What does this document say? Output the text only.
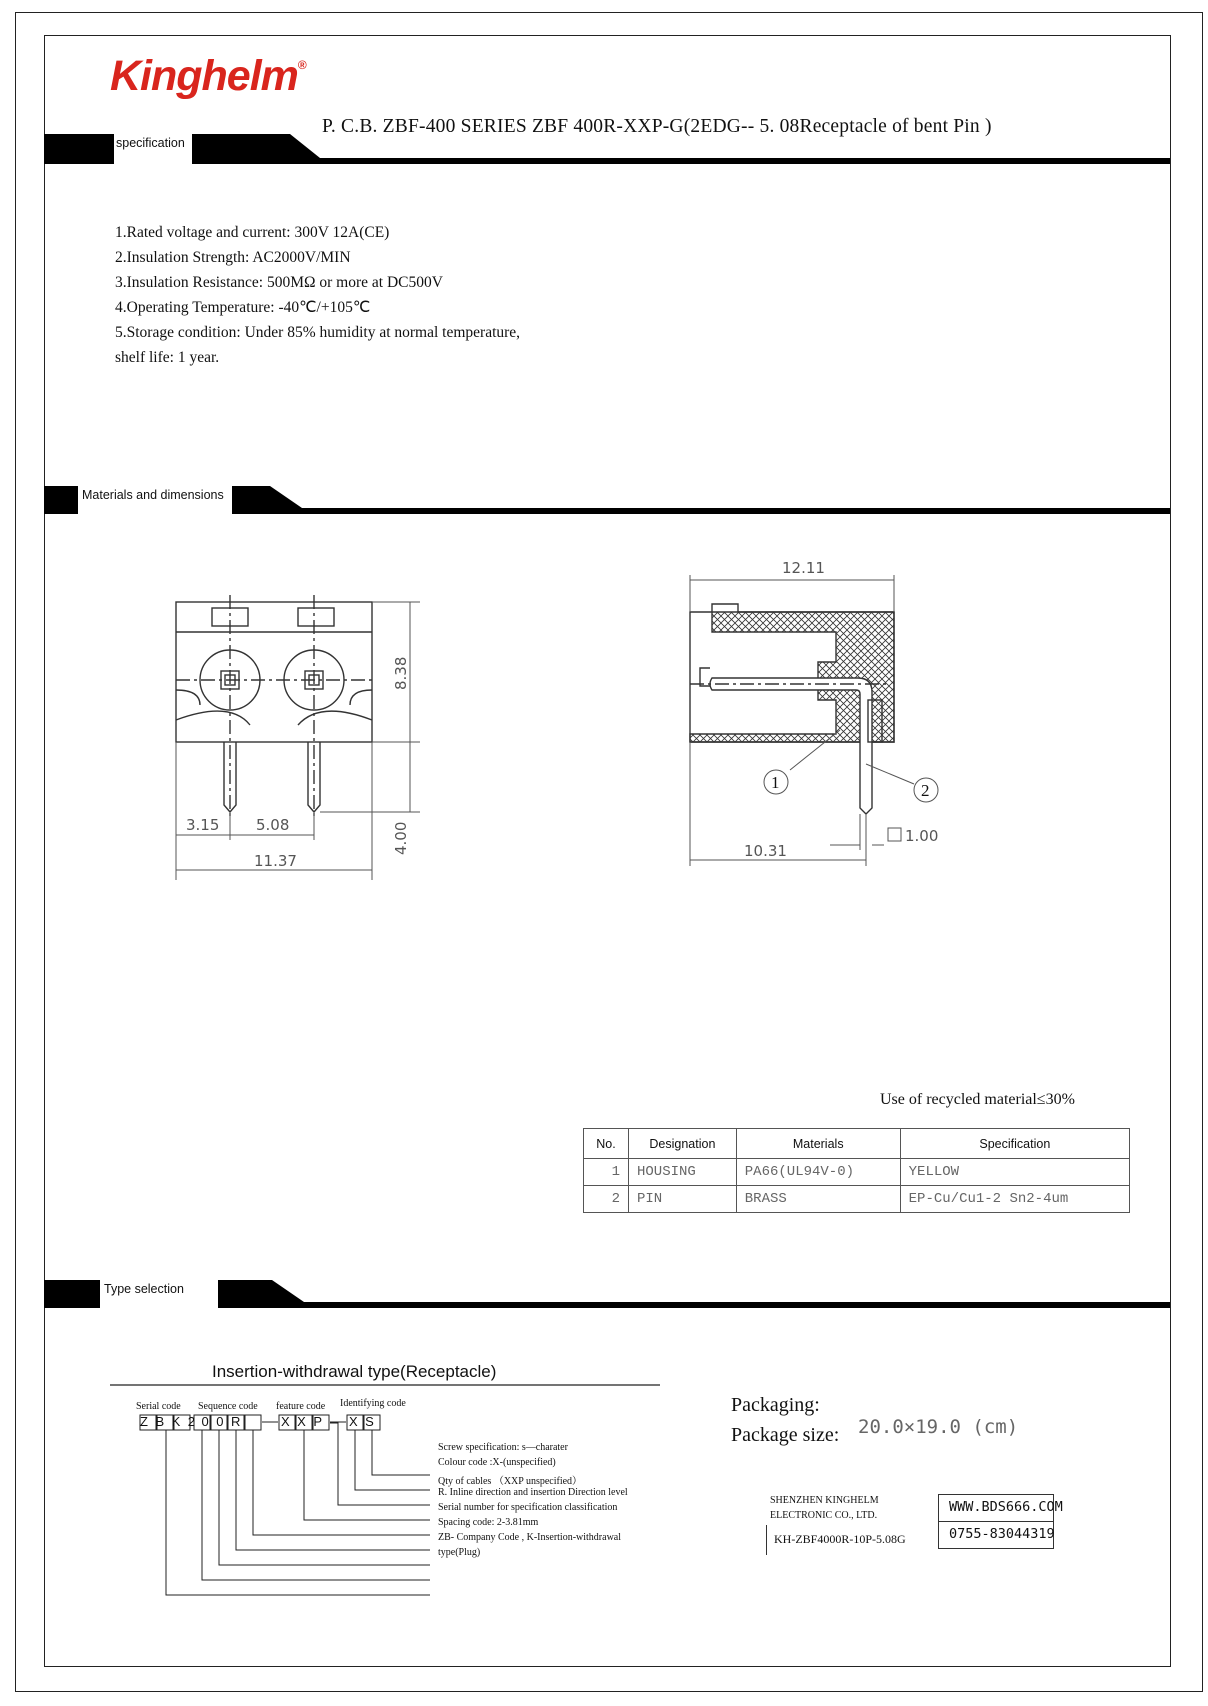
Kinghelm®
P. C.B. ZBF-400 SERIES ZBF 400R-XXP-G(2EDG-- 5. 08Receptacle of bent Pin )
specification
Materials and dimensions
Type selection
1.Rated voltage and current: 300V 12A(CE)
2.Insulation Strength: AC2000V/MIN
3.Insulation Resistance: 500MΩ or more at DC500V
4.Operating Temperature: -40℃/+105℃
5.Storage condition: Under 85% humidity at normal temperature,
shelf life: 1 year.
3.15 5.08
11.37
12.11
10.31
1.00
8.38
4.00
1	2
Use of recycled material≤30%
No.	Designation	Materials	Specification
1	HOUSING	PA66(UL94V-0)	YELLOW
2	PIN	BRASS	EP-Cu/Cu1-2 Sn2-4um
Insertion-withdrawal type(Receptacle)
ZBK200R	XXP XS
Serial code Sequence code feature code Identifying code
Screw specification: s—charater
Colour code :X-(unspecified)
Qty of cables （XXP unspecified）
R. Inline direction and insertion Direction level
Serial number for specification classification
Spacing code: 2-3.81mm
ZB- Company Code , K-Insertion-withdrawal
type(Plug)
Packaging:
Package size: 20.0×19.0 (cm)
SHENZHEN KINGHELM
ELECTRONIC CO., LTD.
KH-ZBF4000R-10P-5.08G
WWW.BDS666.COM
0755-83044319
